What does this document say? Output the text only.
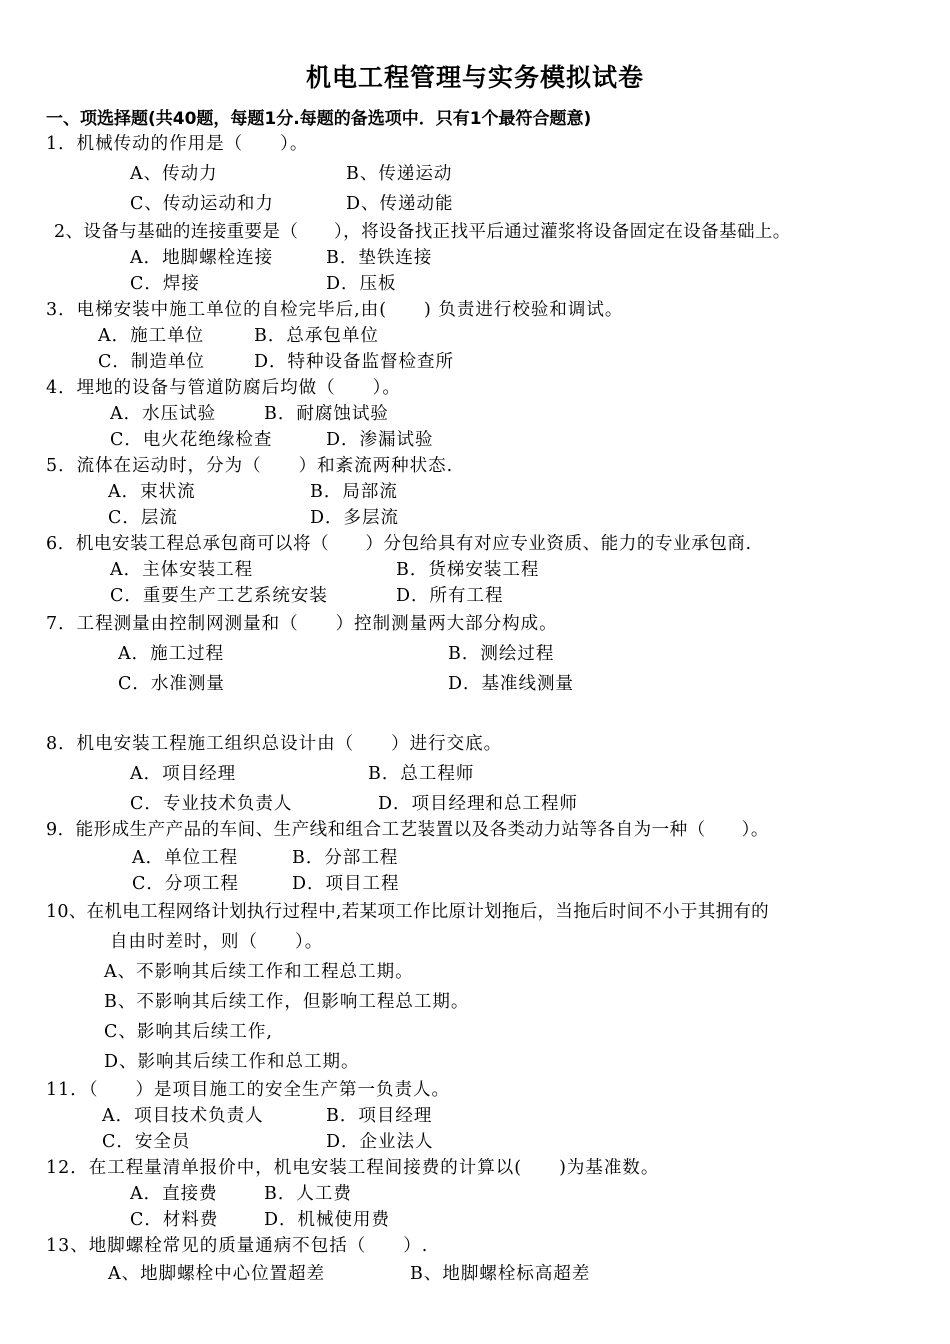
机电工程管理与实务模拟试卷
一、项选择题(共40题，每题1分.每题的备选项中．只有1个最符合题意)
1．机械传动的作用是（　　）。
A、传动力	B、传递运动
C、传动运动和力	D、传递动能
2、设备与基础的连接重要是（　　），将设备找正找平后通过灌浆将设备固定在设备基础上。
A．地脚螺栓连接	B．垫铁连接
C．焊接	D．压板
3．电梯安装中施工单位的自检完毕后,由(　　) 负责进行校验和调试。
A．施工单位	B．总承包单位
C．制造单位	D．特种设备监督检查所
4．埋地的设备与管道防腐后均做（　　）。
A．水压试验	B．耐腐蚀试验
C．电火花绝缘检查	D．渗漏试验
5．流体在运动时，分为（　　）和紊流两种状态.
A．束状流	B．局部流
C．层流	D．多层流
6．机电安装工程总承包商可以将（　　）分包给具有对应专业资质、能力的专业承包商.
A．主体安装工程	B．货梯安装工程
C．重要生产工艺系统安装	D．所有工程
7．工程测量由控制网测量和（　　）控制测量两大部分构成。
A．施工过程	B．测绘过程
C．水准测量	D．基准线测量
8．机电安装工程施工组织总设计由（　　）进行交底。
A．项目经理	B．总工程师
C．专业技术负责人	D．项目经理和总工程师
9．能形成生产产品的车间、生产线和组合工艺装置以及各类动力站等各自为一种（　　）。
A．单位工程	B．分部工程
C．分项工程	D．项目工程
10、在机电工程网络计划执行过程中,若某项工作比原计划拖后，当拖后时间不小于其拥有的
自由时差时，则（　　）。
A、不影响其后续工作和工程总工期。
B、不影响其后续工作，但影响工程总工期。
C、影响其后续工作,
D、影响其后续工作和总工期。
11．（　　）是项目施工的安全生产第一负责人。
A．项目技术负责人	B．项目经理
C．安全员	D．企业法人
12．在工程量清单报价中，机电安装工程间接费的计算以(　　)为基准数。
A．直接费	B．人工费
C．材料费	D．机械使用费
13、地脚螺栓常见的质量通病不包括（　　）.
A、地脚螺栓中心位置超差	B、地脚螺栓标高超差
